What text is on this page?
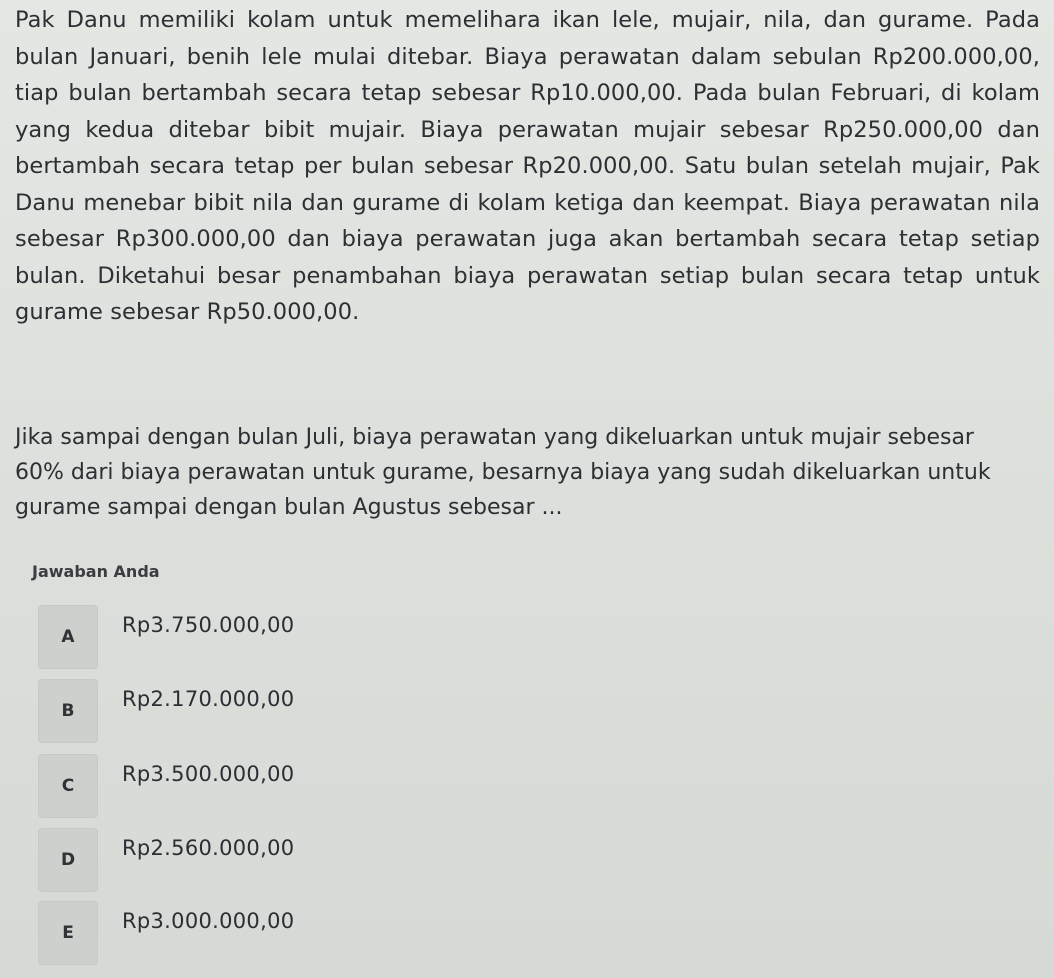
Pak Danu memiliki kolam untuk memelihara ikan lele, mujair, nila, dan gurame. Pada bulan Januari, benih lele mulai ditebar. Biaya perawatan dalam sebulan Rp200.000,00, tiap bulan bertambah secara tetap sebesar Rp10.000,00. Pada bulan Februari, di kolam yang kedua ditebar bibit mujair. Biaya perawatan mujair sebesar Rp250.000,00 dan bertambah secara tetap per bulan sebesar Rp20.000,00. Satu bulan setelah mujair, Pak Danu menebar bibit nila dan gurame di kolam ketiga dan keempat. Biaya perawatan nila sebesar Rp300.000,00 dan biaya perawatan juga akan bertambah secara tetap setiap bulan. Diketahui besar penambahan biaya perawatan setiap bulan secara tetap untuk gurame sebesar Rp50.000,00.
Jika sampai dengan bulan Juli, biaya perawatan yang dikeluarkan untuk mujair sebesar 60% dari biaya perawatan untuk gurame, besarnya biaya yang sudah dikeluarkan untuk gurame sampai dengan bulan Agustus sebesar ...
Jawaban Anda
A	Rp3.750.000,00
B	Rp2.170.000,00
C	Rp3.500.000,00
D	Rp2.560.000,00
E	Rp3.000.000,00
